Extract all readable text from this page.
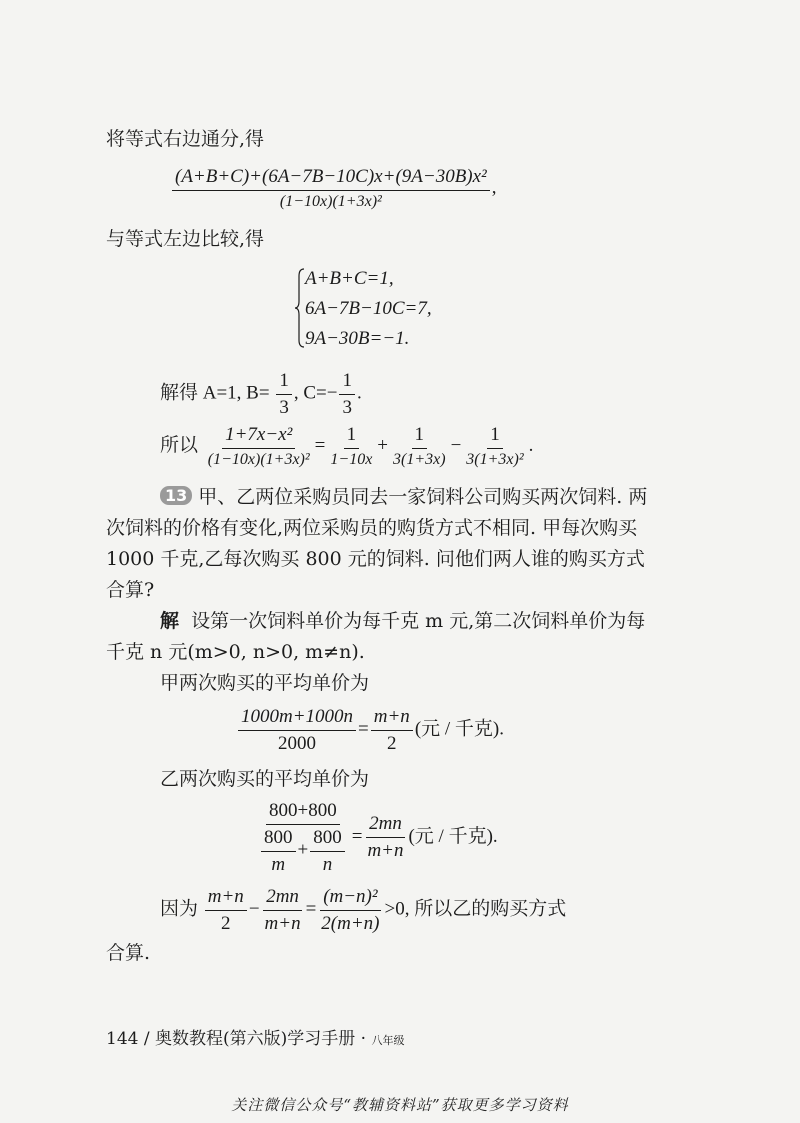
将等式右边通分,得
$\frac{\text{(A+B+C)+(6A−7B−10C)x+(9A−30B)x²}}{\text{(1−10x)(1+3x)²}}$ ,
与等式左边比较,得
A+B+C=1,
6A−7B−10C=7,
9A−30B=−1.
解得 A=1, $B= \frac{1}{3}$ , $C=- \frac{1}{3}$ .
所以 $\frac{\text{1+7x−x²}}{\text{(1−10x)(1+3x)²}} = \frac{1}{1-10x} + \frac{1}{3(1+3x)} - \frac{1}{\text{3(1+3x)²}}$ .
13 甲、乙两位采购员同去一家饲料公司购买两次饲料. 两
次饲料的价格有变化,两位采购员的购货方式不相同. 甲每次购买
1000 千克,乙每次购买 800 元的饲料. 问他们两人谁的购买方式
合算?
解 设第一次饲料单价为每千克 m 元,第二次饲料单价为每
千克 n 元(m>0, n>0, m≠n).
甲两次购买的平均单价为
$\frac{1000m+1000n}{2000} = \frac{m+n}{2}$ (元 / 千克).
乙两次购买的平均单价为
$\frac{800+800}{\frac{800}{m} + \frac{800}{n}} = \frac{2mn}{m+n}$ (元 / 千克).
因为 $\frac{m+n}{2} - \frac{2mn}{m+n} = \frac{\text{(m−n)²}}{2(m+n)} >0$, 所以乙的购买方式
合算.
144 / 奥数教程(第六版)学习手册 · 八年级
关注微信公众号“教辅资料站”获取更多学习资料
